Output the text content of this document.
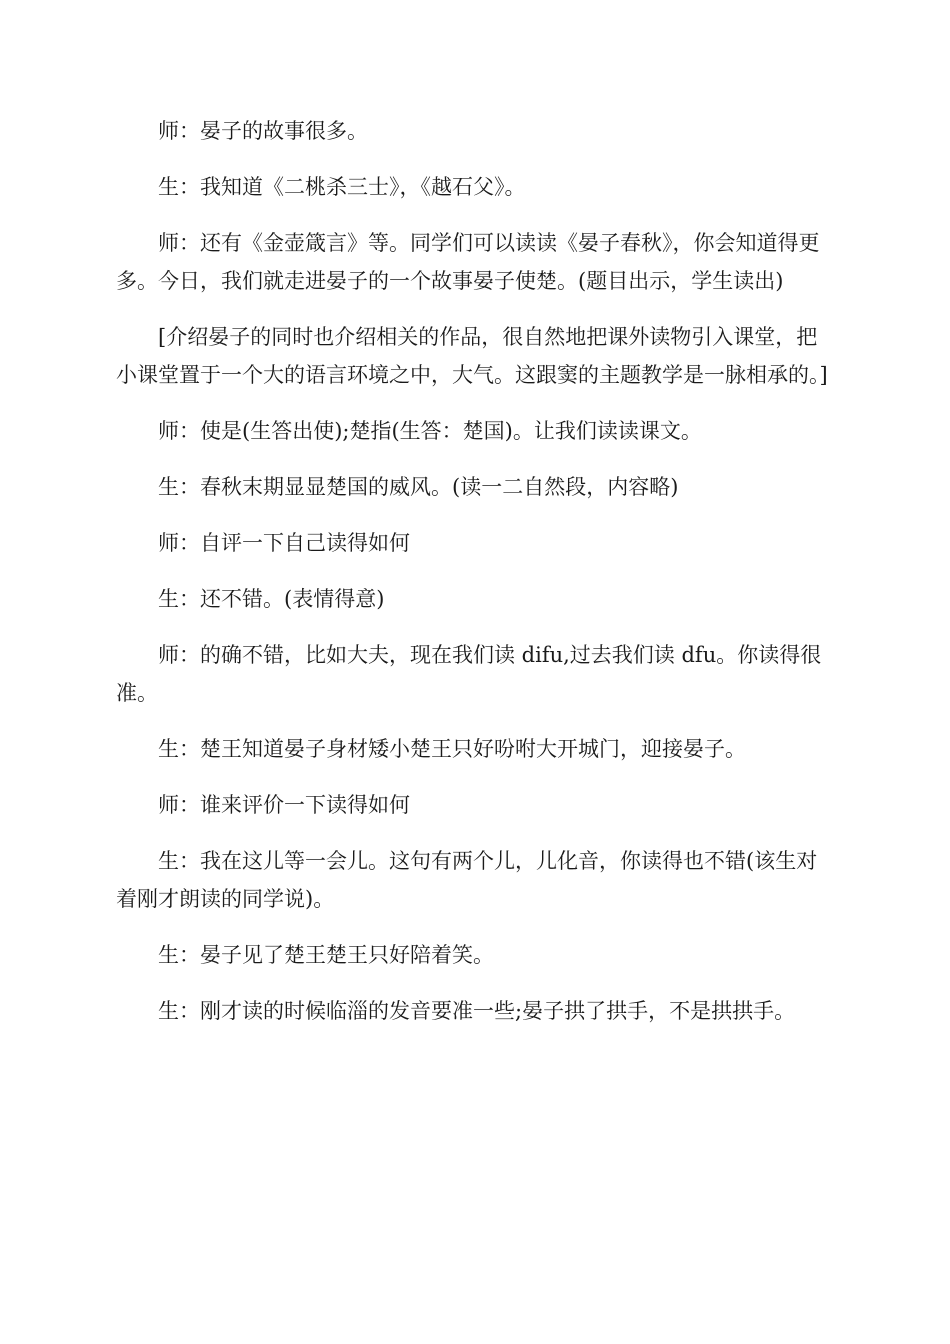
师：晏子的故事很多。

生：我知道《二桃杀三士》，《越石父》。

师：还有《金壶箴言》等。同学们可以读读《晏子春秋》，你会知道得更多。今日，我们就走进晏子的一个故事晏子使楚。(题目出示，学生读出)

[介绍晏子的同时也介绍相关的作品，很自然地把课外读物引入课堂，把小课堂置于一个大的语言环境之中，大气。这跟窦的主题教学是一脉相承的。]

师：使是(生答出使);楚指(生答：楚国)。让我们读读课文。

生：春秋末期显显楚国的威风。(读一二自然段，内容略)

师：自评一下自己读得如何

生：还不错。(表情得意)

师：的确不错，比如大夫，现在我们读 difu,过去我们读 dfu。你读得很准。

生：楚王知道晏子身材矮小楚王只好吩咐大开城门，迎接晏子。

师：谁来评价一下读得如何

生：我在这儿等一会儿。这句有两个儿，儿化音，你读得也不错(该生对着刚才朗读的同学说)。

生：晏子见了楚王楚王只好陪着笑。

生：刚才读的时候临淄的发音要准一些;晏子拱了拱手，不是拱拱手。
